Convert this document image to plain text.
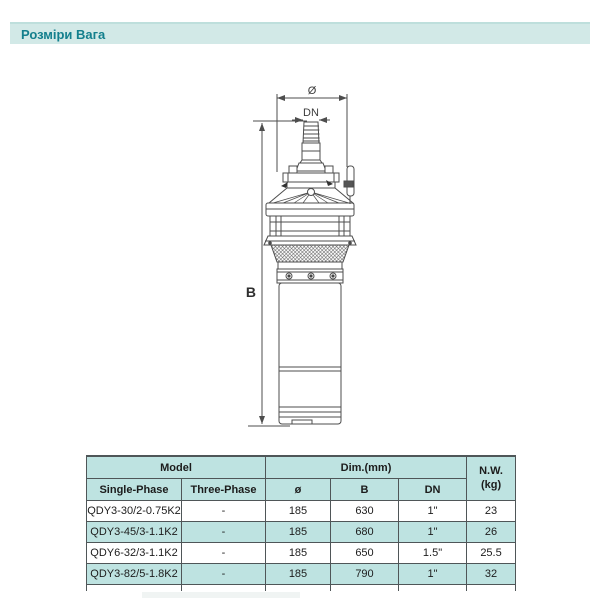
Розміри Вага
Ø
DN
B
Model		Dim.(mm)			N.W.
(kg)

Single-Phase	Three-Phase	ø	B	DN	
QDY3-30/2-0.75K2	-	185	630	1"	23
QDY3-45/3-1.1K2	-	185	680	1"	26
QDY6-32/3-1.1K2	-	185	650	1.5"	25.5
QDY3-82/5-1.8K2	-	185	790	1"	32
